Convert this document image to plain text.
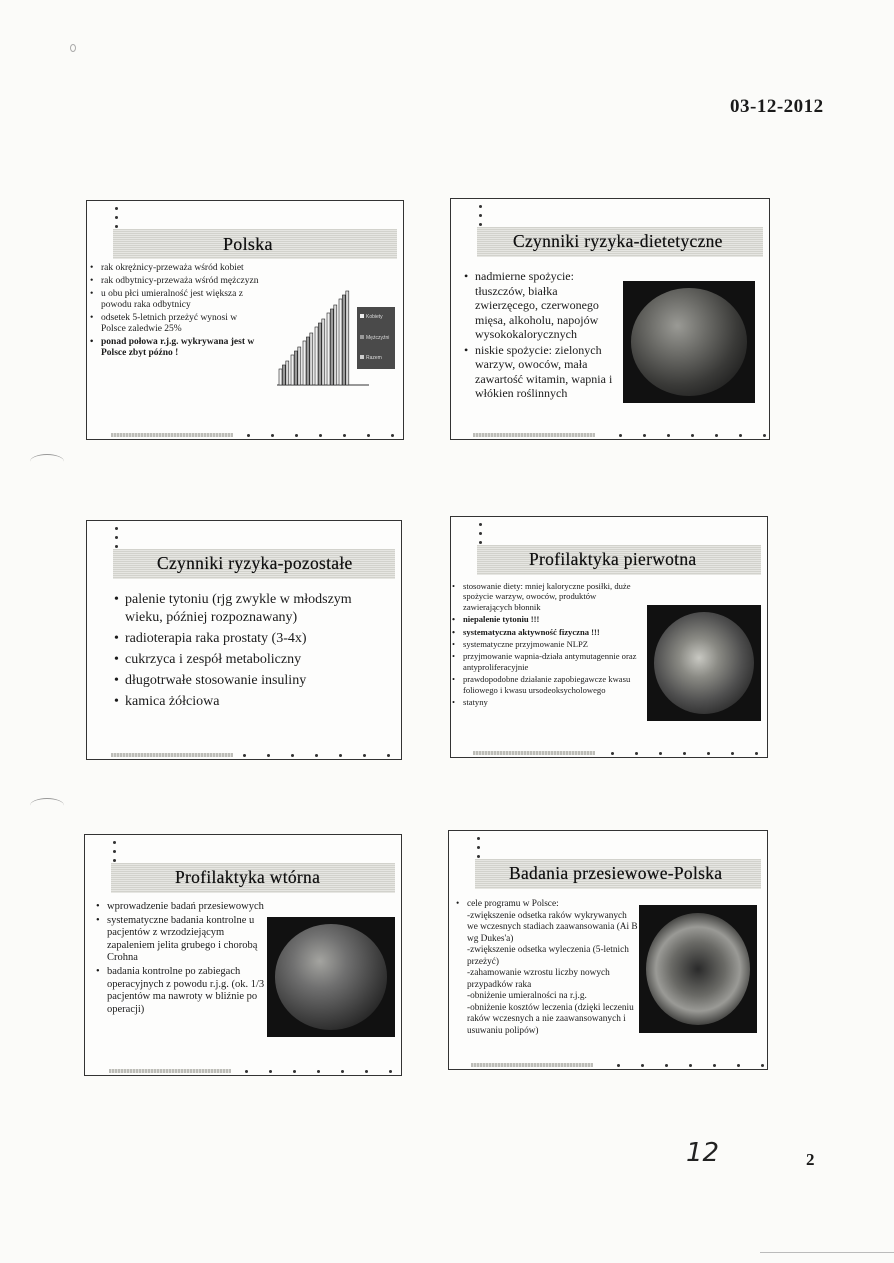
03-12-2012
12	2
Polska
• rak okrężnicy-przeważa wśród kobiet
• rak odbytnicy-przeważa wśród mężczyzn
• u obu płci umieralność jest większa z powodu raka odbytnicy
• odsetek 5-letnich przeżyć wynosi w Polsce zaledwie 25%
• ponad połowa r.j.g. wykrywana jest w Polsce zbyt późno !
Kobiety
Mężczyźni
Razem
Czynniki ryzyka-dietetyczne
• nadmierne spożycie: tłuszczów, białka zwierzęcego, czerwonego mięsa, alkoholu, napojów wysokokalorycznych
• niskie spożycie: zielonych warzyw, owoców, mała zawartość witamin, wapnia i włókien roślinnych
Czynniki ryzyka-pozostałe
• palenie tytoniu (rjg zwykle w młodszym wieku, później rozpoznawany)
• radioterapia raka prostaty (3-4x)
• cukrzyca i zespół metaboliczny
• długotrwałe stosowanie insuliny
• kamica żółciowa
Profilaktyka pierwotna
• stosowanie diety: mniej kaloryczne posiłki, duże spożycie warzyw, owoców, produktów zawierających błonnik
• niepalenie tytoniu !!!
• systematyczna aktywność fizyczna !!!
• systematyczne przyjmowanie NLPZ
• przyjmowanie wapnia-działa antymutagennie oraz antyproliferacyjnie
• prawdopodobne działanie zapobiegawcze kwasu foliowego i kwasu ursodeoksycholowego
• statyny
Profilaktyka wtórna
• wprowadzenie badań przesiewowych
• systematyczne badania kontrolne u pacjentów z wrzodziejącym zapaleniem jelita grubego i chorobą Crohna
• badania kontrolne po zabiegach operacyjnych z powodu r.j.g. (ok. 1/3 pacjentów ma nawroty w bliźnie po operacji)
Badania przesiewowe-Polska
• cele programu w Polsce:
-zwiększenie odsetka raków wykrywanych we wczesnych stadiach zaawansowania (Ai B wg Dukes'a)
-zwiększenie odsetka wyleczenia (5-letnich przeżyć)
-zahamowanie wzrostu liczby nowych przypadków raka
-obniżenie umieralności na r.j.g.
-obniżenie kosztów leczenia (dzięki leczeniu raków wczesnych a nie zaawansowanych i usuwaniu polipów)
